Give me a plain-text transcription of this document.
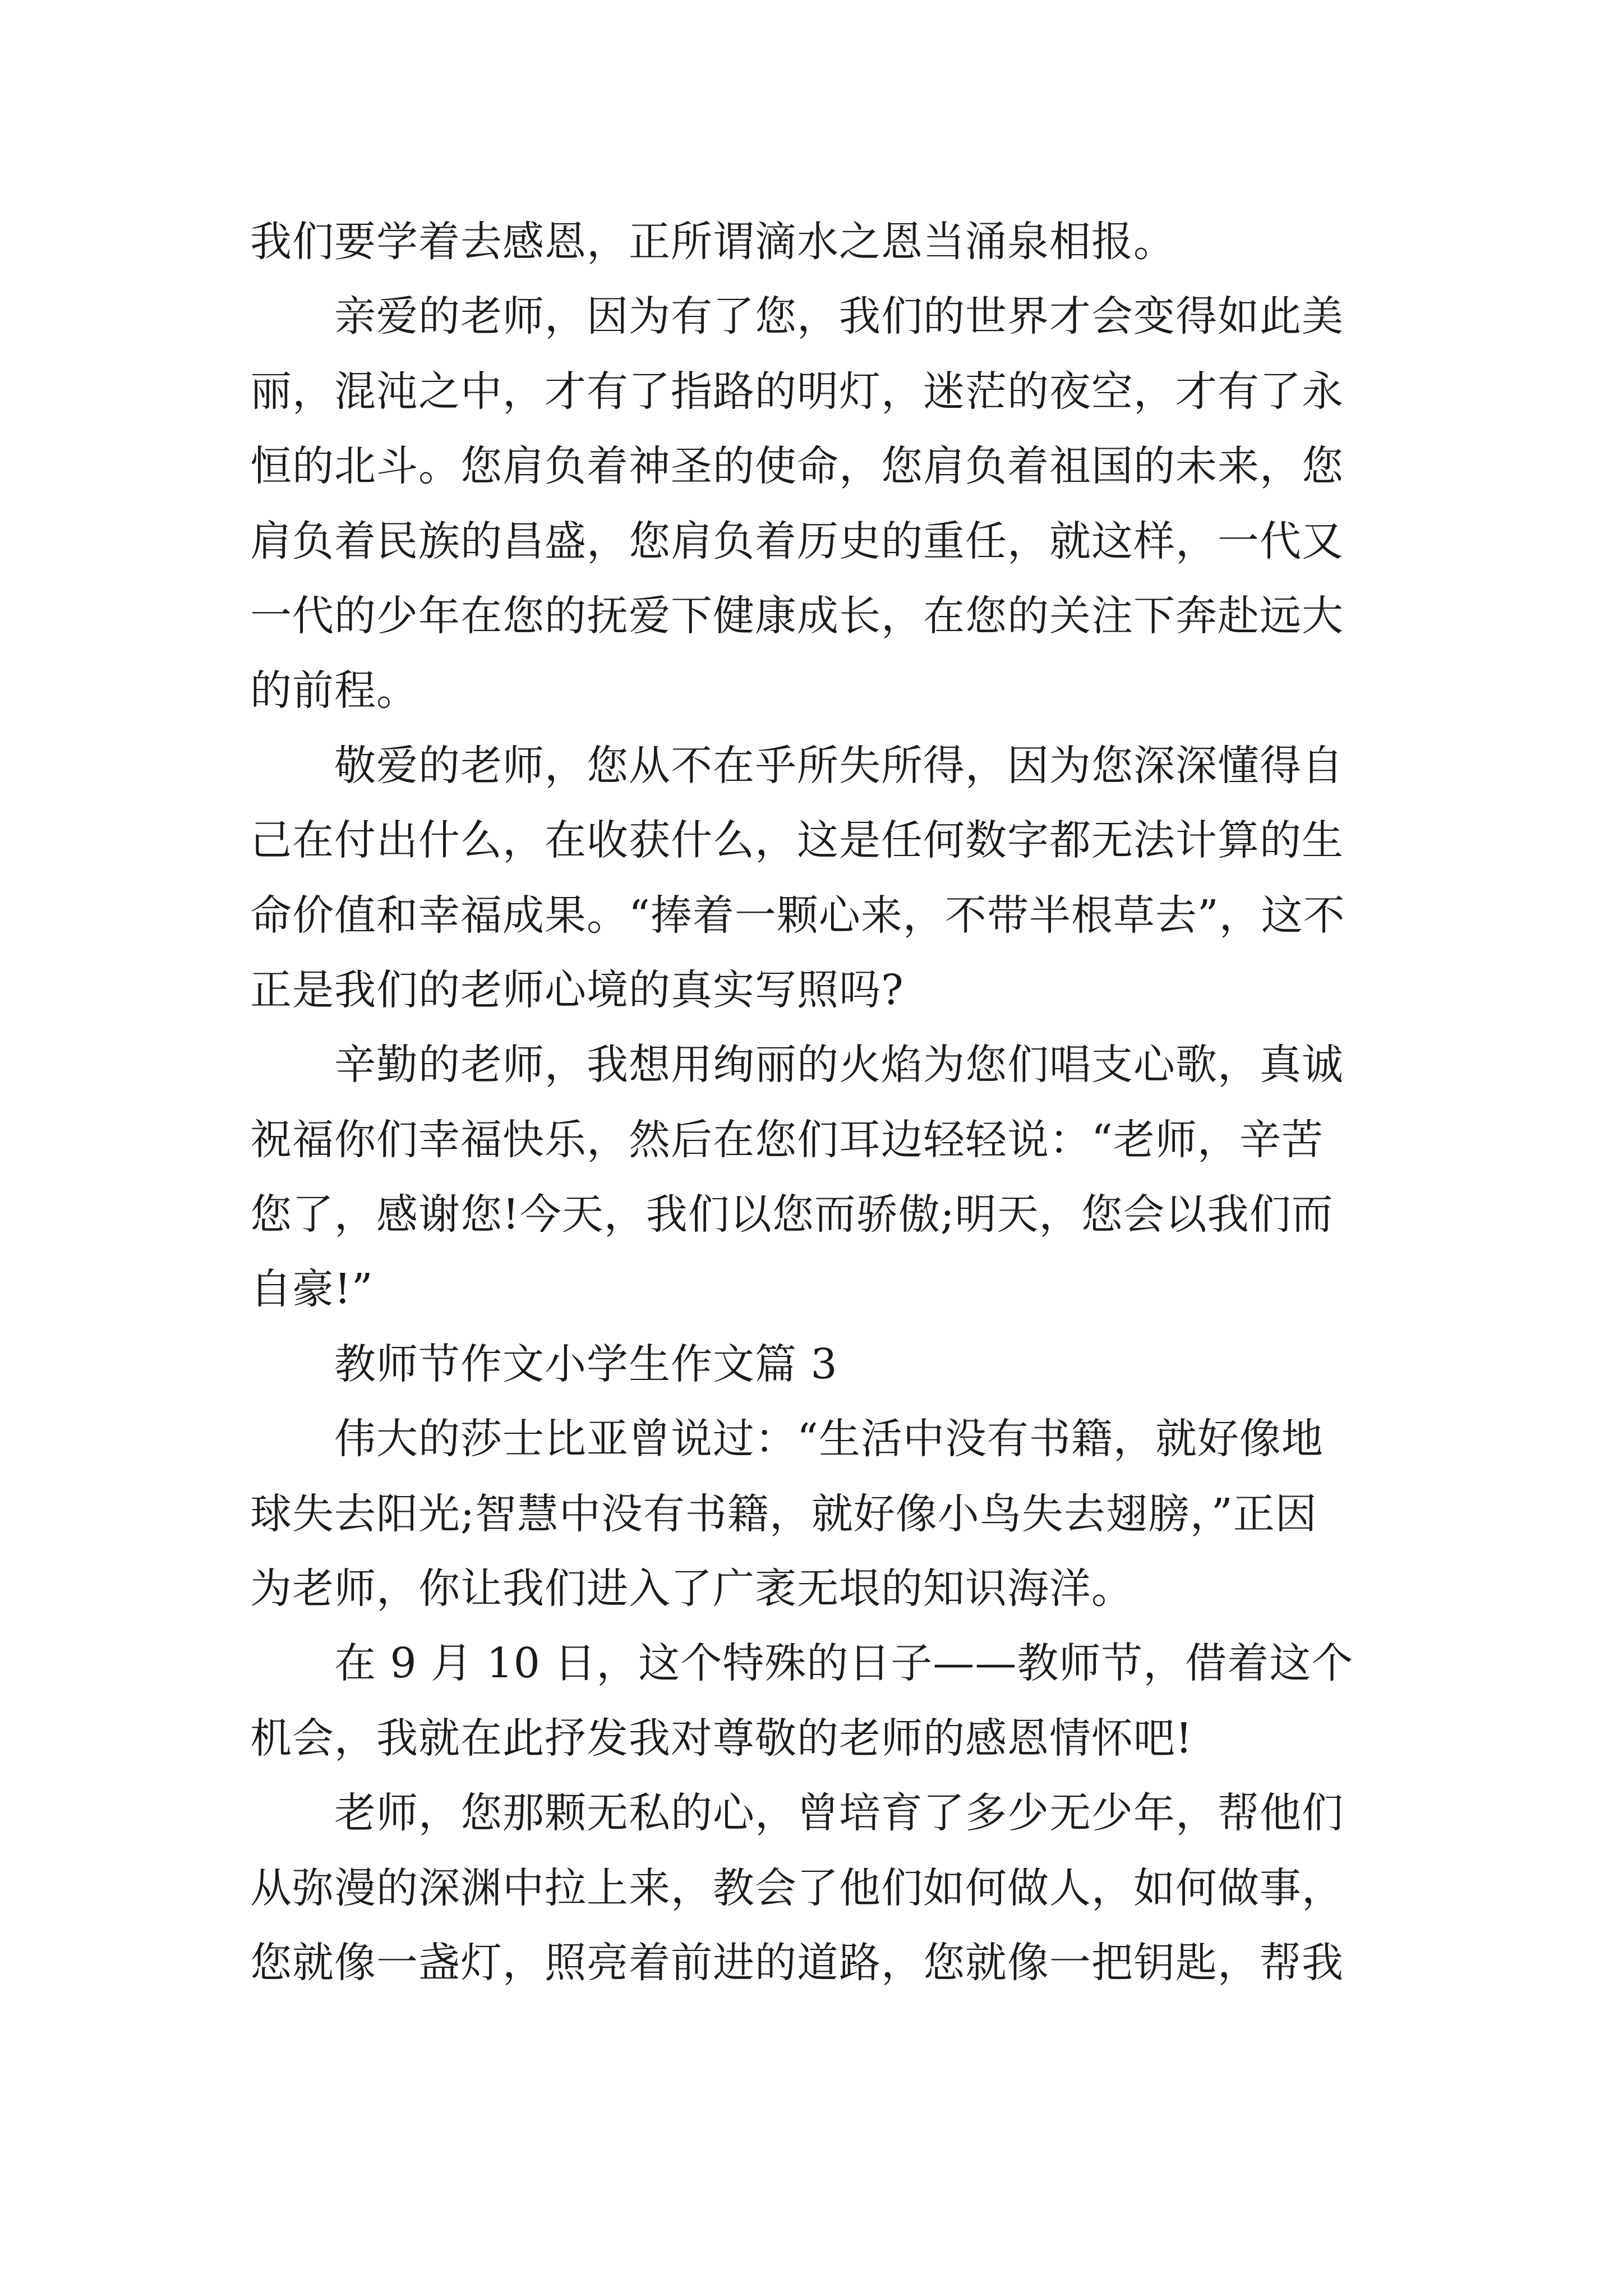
我们要学着去感恩，正所谓滴水之恩当涌泉相报。
　　亲爱的老师，因为有了您，我们的世界才会变得如此美
丽，混沌之中，才有了指路的明灯，迷茫的夜空，才有了永
恒的北斗。您肩负着神圣的使命，您肩负着祖国的未来，您
肩负着民族的昌盛，您肩负着历史的重任，就这样，一代又
一代的少年在您的抚爱下健康成长，在您的关注下奔赴远大
的前程。
　　敬爱的老师，您从不在乎所失所得，因为您深深懂得自
己在付出什么，在收获什么，这是任何数字都无法计算的生
命价值和幸福成果。“捧着一颗心来，不带半根草去”，这不
正是我们的老师心境的真实写照吗?
　　辛勤的老师，我想用绚丽的火焰为您们唱支心歌，真诚
祝福你们幸福快乐，然后在您们耳边轻轻说：“老师，辛苦
您了，感谢您!今天，我们以您而骄傲;明天，您会以我们而
自豪!”
　　教师节作文小学生作文篇 3
　　伟大的莎士比亚曾说过：“生活中没有书籍，就好像地
球失去阳光;智慧中没有书籍，就好像小鸟失去翅膀，”正因
为老师，你让我们进入了广袤无垠的知识海洋。
　　在 9 月 10 日，这个特殊的日子——教师节，借着这个
机会，我就在此抒发我对尊敬的老师的感恩情怀吧!
　　老师，您那颗无私的心，曾培育了多少无少年，帮他们
从弥漫的深渊中拉上来，教会了他们如何做人，如何做事，
您就像一盏灯，照亮着前进的道路，您就像一把钥匙，帮我
